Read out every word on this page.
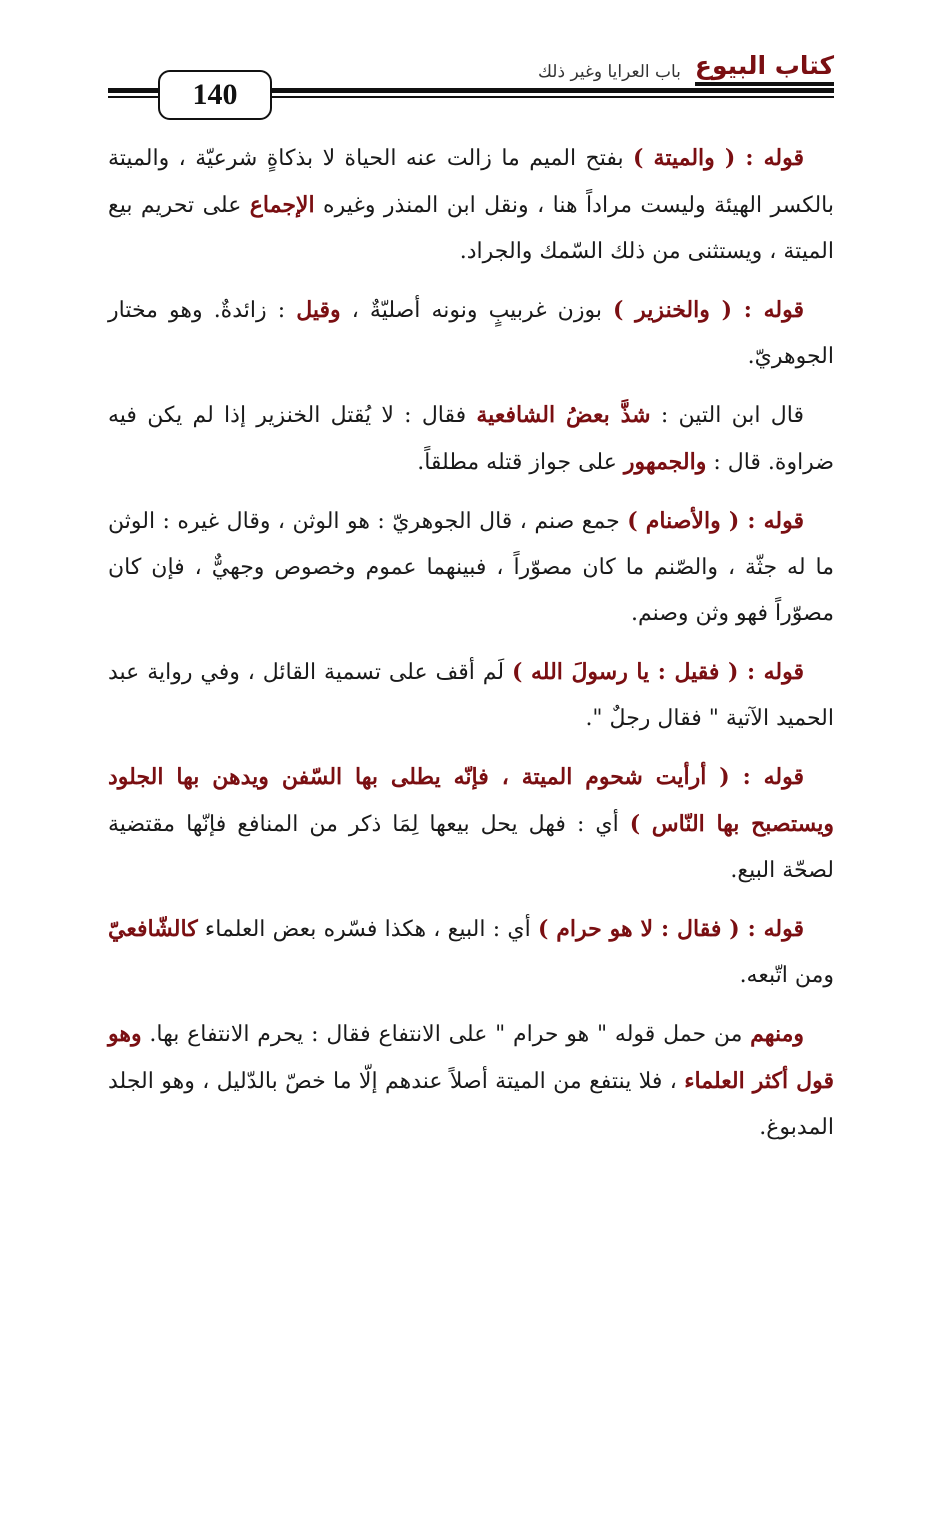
كتاب البيوع
باب العرايا وغير ذلك
140

قوله : ( والميتة ) بفتح الميم ما زالت عنه الحياة لا بذكاةٍ شرعيّة ، والميتة بالكسر الهيئة وليست مراداً هنا ، ونقل ابن المنذر وغيره الإجماع على تحريم بيع الميتة ، ويستثنى من ذلك السّمك والجراد.

قوله : ( والخنزير ) بوزن غربيبٍ ونونه أصليّةٌ ، وقيل : زائدةٌ. وهو مختار الجوهريّ.

قال ابن التين : شذَّ بعضُ الشافعية فقال : لا يُقتل الخنزير إذا لم يكن فيه ضراوة. قال : والجمهور على جواز قتله مطلقاً.

قوله : ( والأصنام ) جمع صنم ، قال الجوهريّ : هو الوثن ، وقال غيره : الوثن ما له جثّة ، والصّنم ما كان مصوّراً ، فبينهما عموم وخصوص وجهيٌّ ، فإن كان مصوّراً فهو وثن وصنم.

قوله : ( فقيل : يا رسولَ الله ) لَم أقف على تسمية القائل ، وفي رواية عبد الحميد الآتية " فقال رجلٌ ".

قوله : ( أرأيت شحوم الميتة ، فإنّه يطلى بها السّفن ويدهن بها الجلود ويستصبح بها النّاس ) أي : فهل يحل بيعها لِمَا ذكر من المنافع فإنّها مقتضية لصحّة البيع.

قوله : ( فقال : لا هو حرام ) أي : البيع ، هكذا فسّره بعض العلماء كالشّافعيّ ومن اتّبعه.

ومنهم من حمل قوله " هو حرام " على الانتفاع فقال : يحرم الانتفاع بها. وهو قول أكثر العلماء ، فلا ينتفع من الميتة أصلاً عندهم إلّا ما خصّ بالدّليل ، وهو الجلد المدبوغ.
